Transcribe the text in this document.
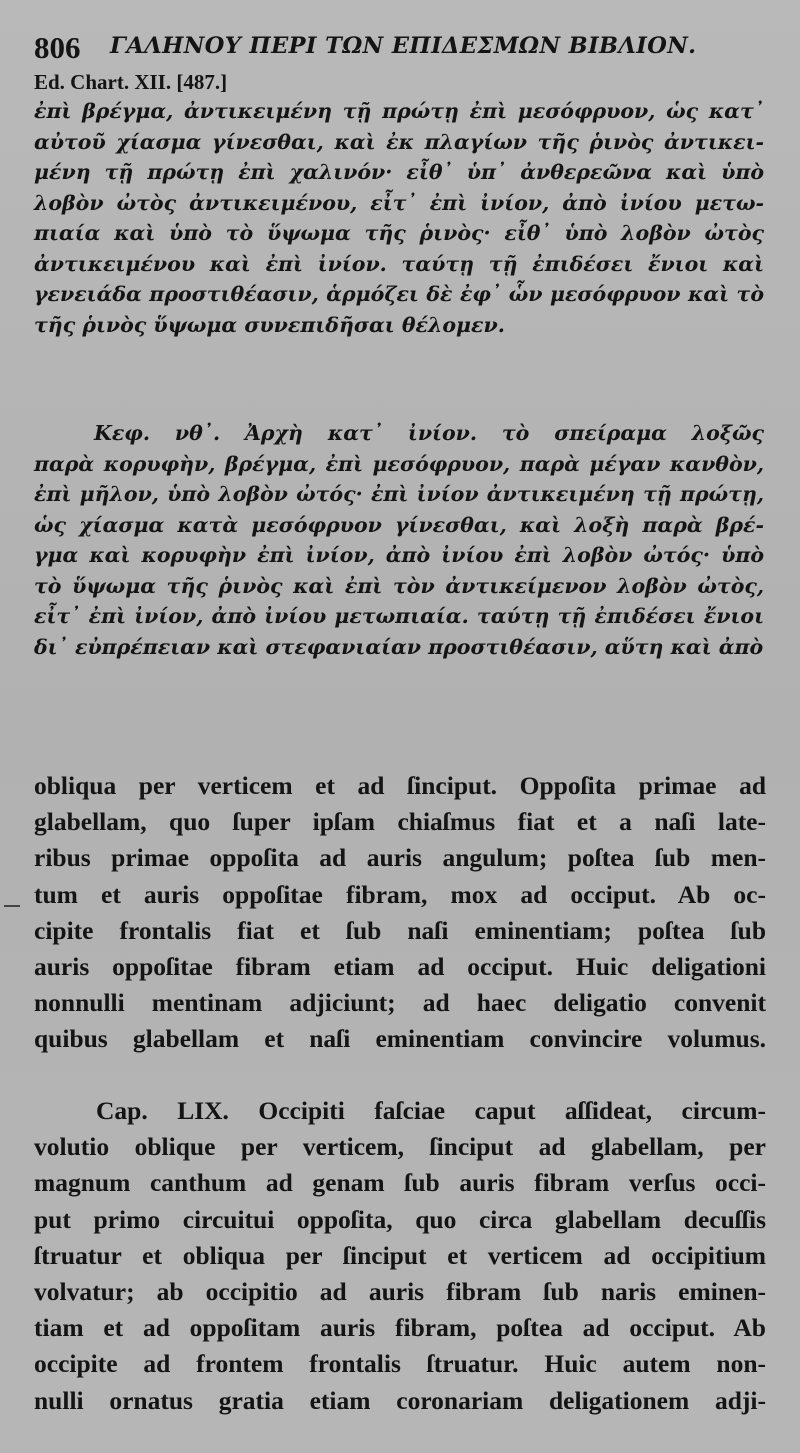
806 ΓΑΛΗΝΟΥ ΠΕΡΙ ΤΩΝ ΕΠΙΔΕΣΜΩΝ ΒΙΒΛΙΟΝ.
Ed. Chart. XII. [487.]
ἐπὶ βρέγμα, ἀντικειμένη τῇ πρώτῃ ἐπὶ μεσόφρυον, ὡς κατ᾽
αὐτοῦ χίασμα γίνεσθαι, καὶ ἐκ πλαγίων τῆς ῥινὸς ἀντικει-
μένη τῇ πρώτῃ ἐπὶ χαλινόν· εἶθ᾽ ὑπ᾽ ἀνθερεῶνα καὶ ὑπὸ
λοβὸν ὠτὸς ἀντικειμένου, εἶτ᾽ ἐπὶ ἰνίον, ἀπὸ ἰνίου μετω-
πιαία καὶ ὑπὸ τὸ ὕψωμα τῆς ῥινὸς· εἶθ᾽ ὑπὸ λοβὸν ὠτὸς
ἀντικειμένου καὶ ἐπὶ ἰνίον. ταύτῃ τῇ ἐπιδέσει ἔνιοι καὶ
γενειάδα προστιθέασιν, ἁρμόζει δὲ ἐφ᾽ ὧν μεσόφρυον καὶ τὸ
τῆς ῥινὸς ὕψωμα συνεπιδῆσαι θέλομεν.
Κεφ. νθ᾽. Ἀρχὴ κατ᾽ ἰνίον. τὸ σπείραμα λοξῶς
παρὰ κορυφὴν, βρέγμα, ἐπὶ μεσόφρυον, παρὰ μέγαν κανθὸν,
ἐπὶ μῆλον, ὑπὸ λοβὸν ὠτός· ἐπὶ ἰνίον ἀντικειμένη τῇ πρώτῃ,
ὡς χίασμα κατὰ μεσόφρυον γίνεσθαι, καὶ λοξὴ παρὰ βρέ-
γμα καὶ κορυφὴν ἐπὶ ἰνίον, ἀπὸ ἰνίου ἐπὶ λοβὸν ὠτός· ὑπὸ
τὸ ὕψωμα τῆς ῥινὸς καὶ ἐπὶ τὸν ἀντικείμενον λοβὸν ὠτὸς,
εἶτ᾽ ἐπὶ ἰνίον, ἀπὸ ἰνίου μετωπιαία. ταύτῃ τῇ ἐπιδέσει ἔνιοι
δι᾽ εὐπρέπειαν καὶ στεφανιαίαν προστιθέασιν, αὕτη καὶ ἀπὸ
obliqua per verticem et ad ſinciput. Oppoſita primae ad
glabellam, quo ſuper ipſam chiaſmus fiat et a naſi late-
ribus primae oppoſita ad auris angulum; poſtea ſub men-
tum et auris oppoſitae fibram, mox ad occiput. Ab oc-
cipite frontalis fiat et ſub naſi eminentiam; poſtea ſub
auris oppoſitae fibram etiam ad occiput. Huic deligationi
nonnulli mentinam adjiciunt; ad haec deligatio convenit
quibus glabellam et naſi eminentiam convincire volumus.
Cap. LIX. Occipiti faſciae caput aſſideat, circum-
volutio oblique per verticem, ſinciput ad glabellam, per
magnum canthum ad genam ſub auris fibram verſus occi-
put primo circuitui oppoſita, quo circa glabellam decuſſis
ſtruatur et obliqua per ſinciput et verticem ad occipitium
volvatur; ab occipitio ad auris fibram ſub naris eminen-
tiam et ad oppoſitam auris fibram, poſtea ad occiput. Ab
occipite ad frontem frontalis ſtruatur. Huic autem non-
nulli ornatus gratia etiam coronariam deligationem adji-
